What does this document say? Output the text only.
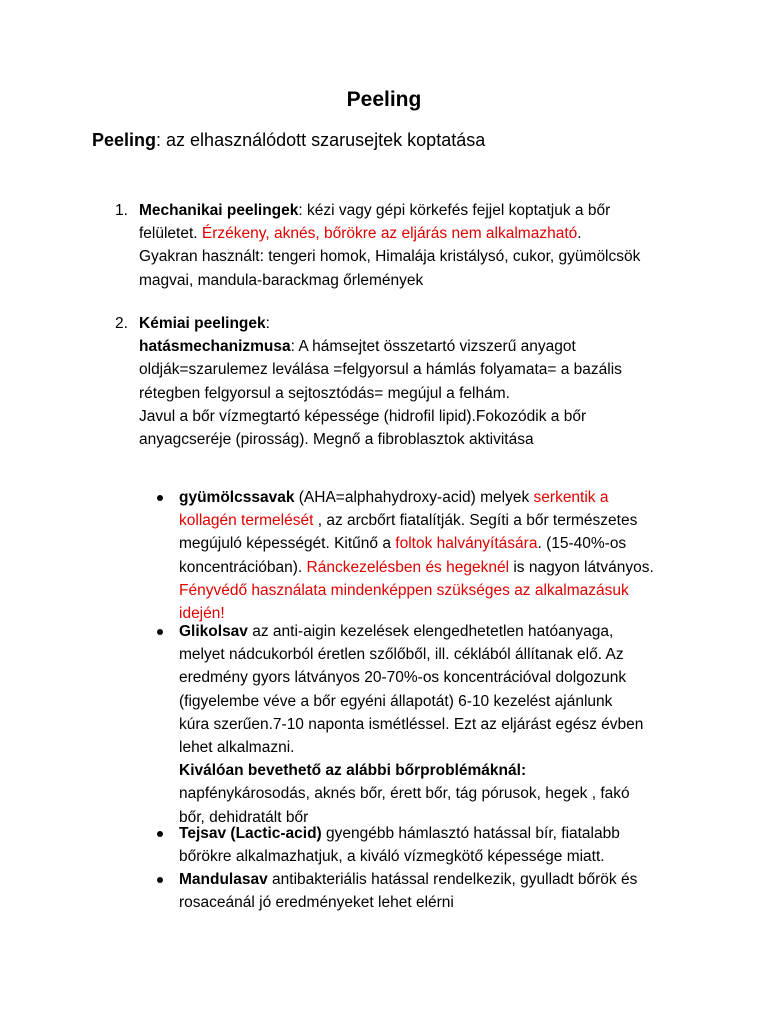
Peeling
Peeling: az elhasználódott szarusejtek koptatása
1. Mechanikai peelingek: kézi vagy gépi körkefés fejjel koptatjuk a bőr
felületet. Érzékeny, aknés, bőrökre az eljárás nem alkalmazható.
Gyakran használt: tengeri homok, Himalája kristálysó, cukor, gyümölcsök
magvai, mandula-barackmag őrlemények
2. Kémiai peelingek:
hatásmechanizmusa: A hámsejtet összetartó vizszerű anyagot
oldják=szarulemez leválása =felgyorsul a hámlás folyamata= a bazális
rétegben felgyorsul a sejtosztódás= megújul a felhám.
Javul a bőr vízmegtartó képessége (hidrofil lipid).Fokozódik a bőr
anyagcseréje (pirosság). Megnő a fibroblasztok aktivitása
gyümölcssavak (AHA=alphahydroxy-acid) melyek serkentik a
kollagén termelését , az arcbőrt fiatalítják. Segíti a bőr természetes
megújuló képességét. Kitűnő a foltok halványítására. (15-40%-os
koncentrációban). Ránckezelésben és hegeknél is nagyon látványos.
Fényvédő használata mindenképpen szükséges az alkalmazásuk
idején!
Glikolsav az anti-aigin kezelések elengedhetetlen hatóanyaga,
melyet nádcukorból éretlen szőlőből, ill. céklából állítanak elő. Az
eredmény gyors látványos 20-70%-os koncentrációval dolgozunk
(figyelembe véve a bőr egyéni állapotát) 6-10 kezelést ajánlunk
kúra szerűen.7-10 naponta ismétléssel. Ezt az eljárást egész évben
lehet alkalmazni.
Kiválóan bevethető az alábbi bőrproblémáknál:
napfénykárosodás, aknés bőr, érett bőr, tág pórusok, hegek , fakó
bőr, dehidratált bőr
Tejsav (Lactic-acid) gyengébb hámlasztó hatással bír, fiatalabb
bőrökre alkalmazhatjuk, a kiváló vízmegkötő képessége miatt.
Mandulasav antibakteriális hatással rendelkezik, gyulladt bőrök és
rosaceánál jó eredményeket lehet elérni
